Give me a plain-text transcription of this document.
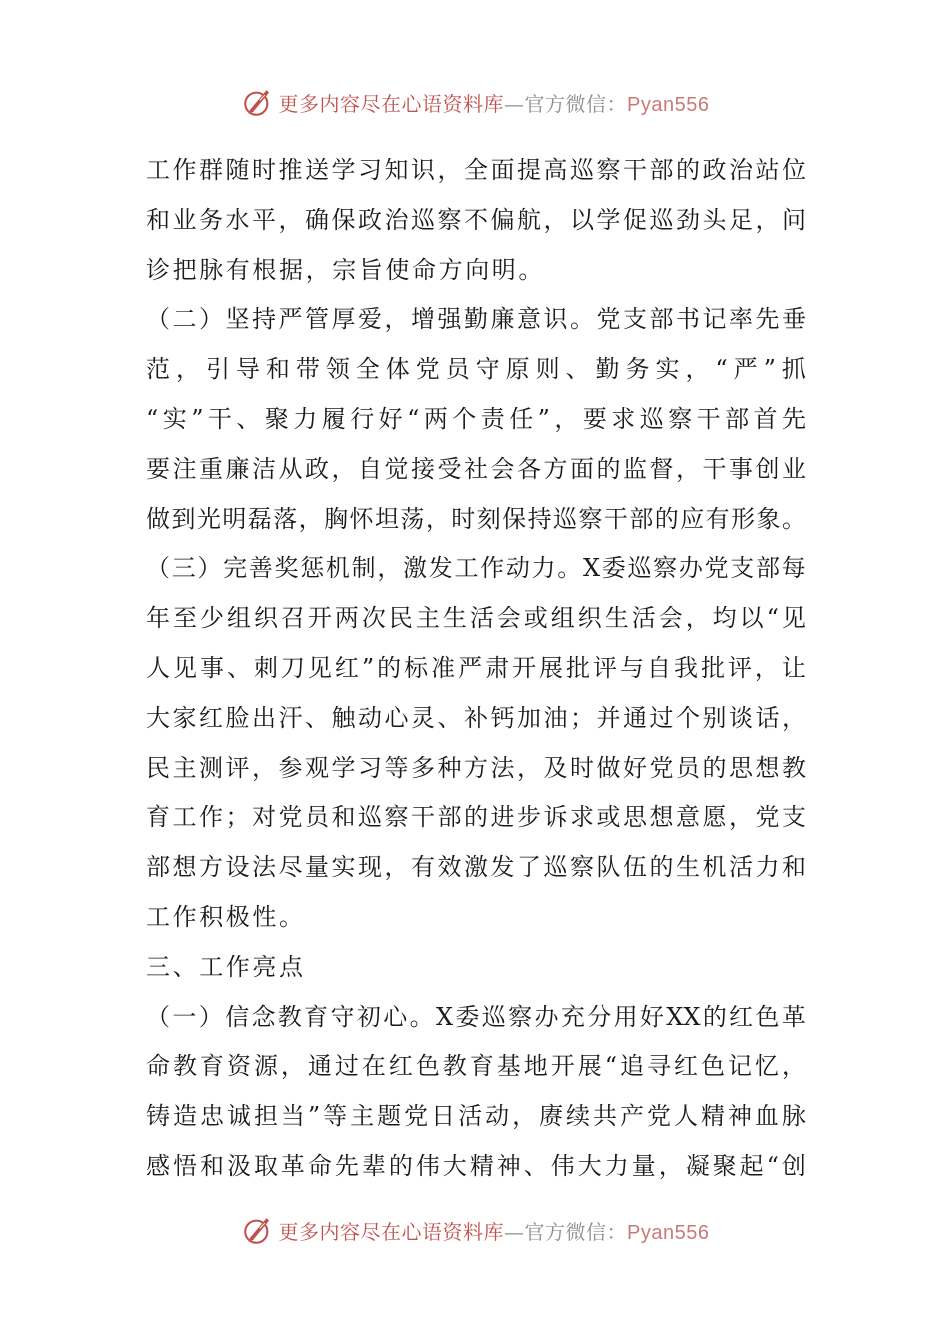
更多内容尽在心语资料库—官方微信：Pyan556
工 作 群 随 时 推 送 学 习 知 识 ， 全 面 提 高 巡 察 干 部 的 政 治 站 位
和 业 务 水 平 ， 确 保 政 治 巡 察 不 偏 航 ， 以 学 促 巡 劲 头 足 ， 问
诊把脉有根据，宗旨使命方向明。
（ 二 ） 坚 持 严 管 厚 爱 ， 增 强 勤 廉 意 识 。 党 支 部 书 记 率 先 垂
范 ， 引 导 和 带 领 全 体 党 员 守 原 则 、 勤 务 实 ， “ 严 ” 抓
“ 实 ” 干 、 聚 力 履 行 好 “ 两 个 责 任 ” ， 要 求 巡 察 干 部 首 先
要 注 重 廉 洁 从 政 ， 自 觉 接 受 社 会 各 方 面 的 监 督 ， 干 事 创 业
做 到 光 明 磊 落 ， 胸 怀 坦 荡 ， 时 刻 保 持 巡 察 干 部 的 应 有 形 象 。
（ 三 ） 完 善 奖 惩 机 制 ， 激 发 工 作 动 力 。 X 委 巡 察 办 党 支 部 每
年 至 少 组 织 召 开 两 次 民 主 生 活 会 或 组 织 生 活 会 ， 均 以 “ 见
人 见 事 、 刺 刀 见 红 ” 的 标 准 严 肃 开 展 批 评 与 自 我 批 评 ， 让
大 家 红 脸 出 汗 、 触 动 心 灵 、 补 钙 加 油 ； 并 通 过 个 别 谈 话 ，
民 主 测 评 ， 参 观 学 习 等 多 种 方 法 ， 及 时 做 好 党 员 的 思 想 教
育 工 作 ； 对 党 员 和 巡 察 干 部 的 进 步 诉 求 或 思 想 意 愿 ， 党 支
部 想 方 设 法 尽 量 实 现 ， 有 效 激 发 了 巡 察 队 伍 的 生 机 活 力 和
工作积极性。
三、工作亮点
（ 一 ） 信 念 教 育 守 初 心 。 X 委 巡 察 办 充 分 用 好 XX 的 红 色 革
命 教 育 资 源 ， 通 过 在 红 色 教 育 基 地 开 展 “ 追 寻 红 色 记 忆 ，
铸 造 忠 诚 担 当 ” 等 主 题 党 日 活 动 ， 赓 续 共 产 党 人 精 神 血 脉
感 悟 和 汲 取 革 命 先 辈 的 伟 大 精 神 、 伟 大 力 量 ， 凝 聚 起 “ 创
更多内容尽在心语资料库—官方微信：Pyan556
